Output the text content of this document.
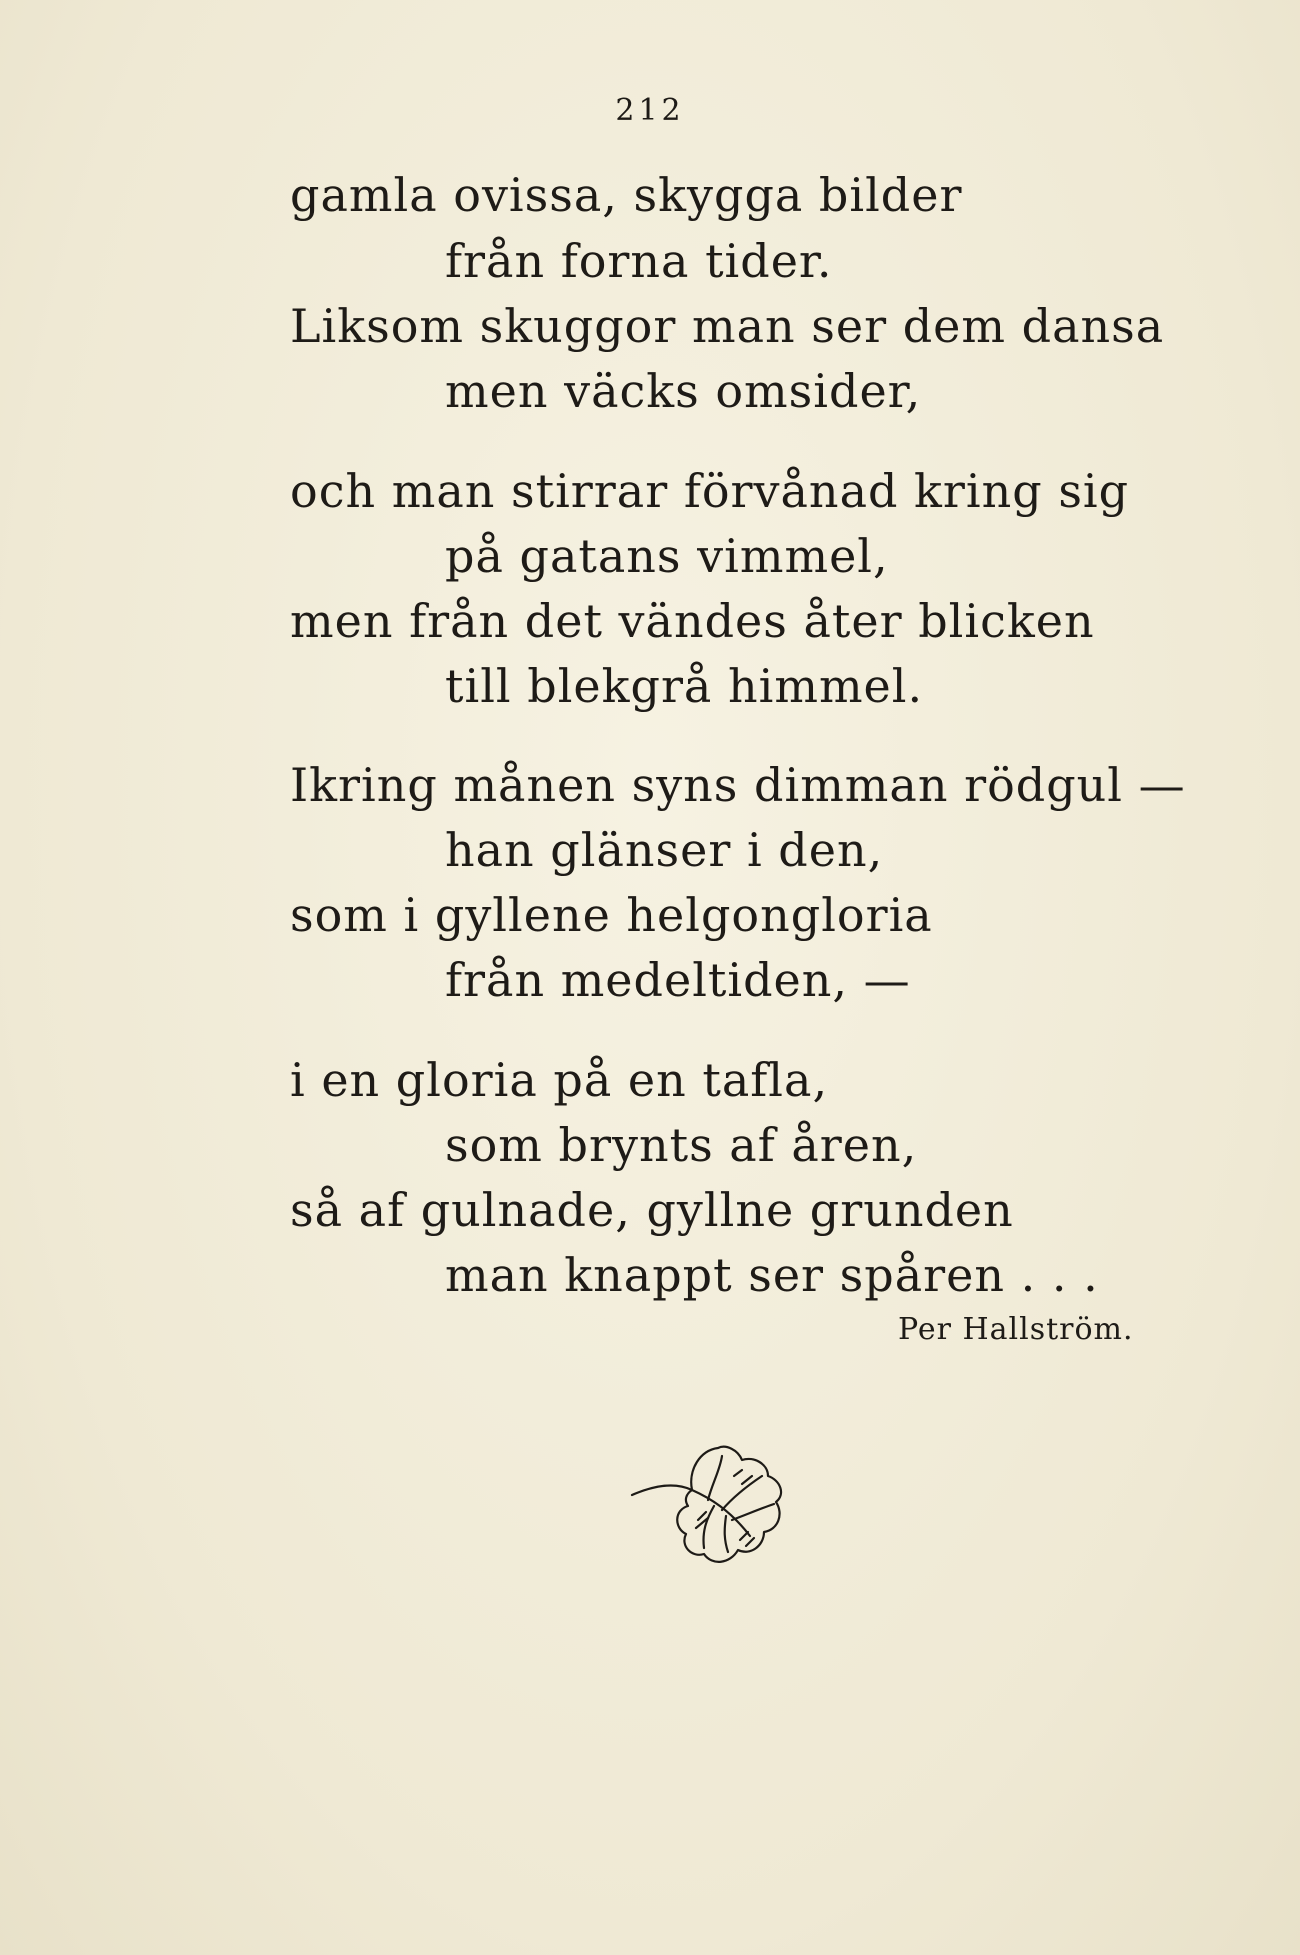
212
gamla ovissa, skygga bilder
från forna tider.
Liksom skuggor man ser dem dansa
men väcks omsider,
och man stirrar förvånad kring sig
på gatans vimmel,
men från det vändes åter blicken
till blekgrå himmel.
Ikring månen syns dimman rödgul —
han glänser i den,
som i gyllene helgongloria
från medeltiden, —
i en gloria på en tafla,
som brynts af åren,
så af gulnade, gyllne grunden
man knappt ser spåren . . .
Per Hallström.
